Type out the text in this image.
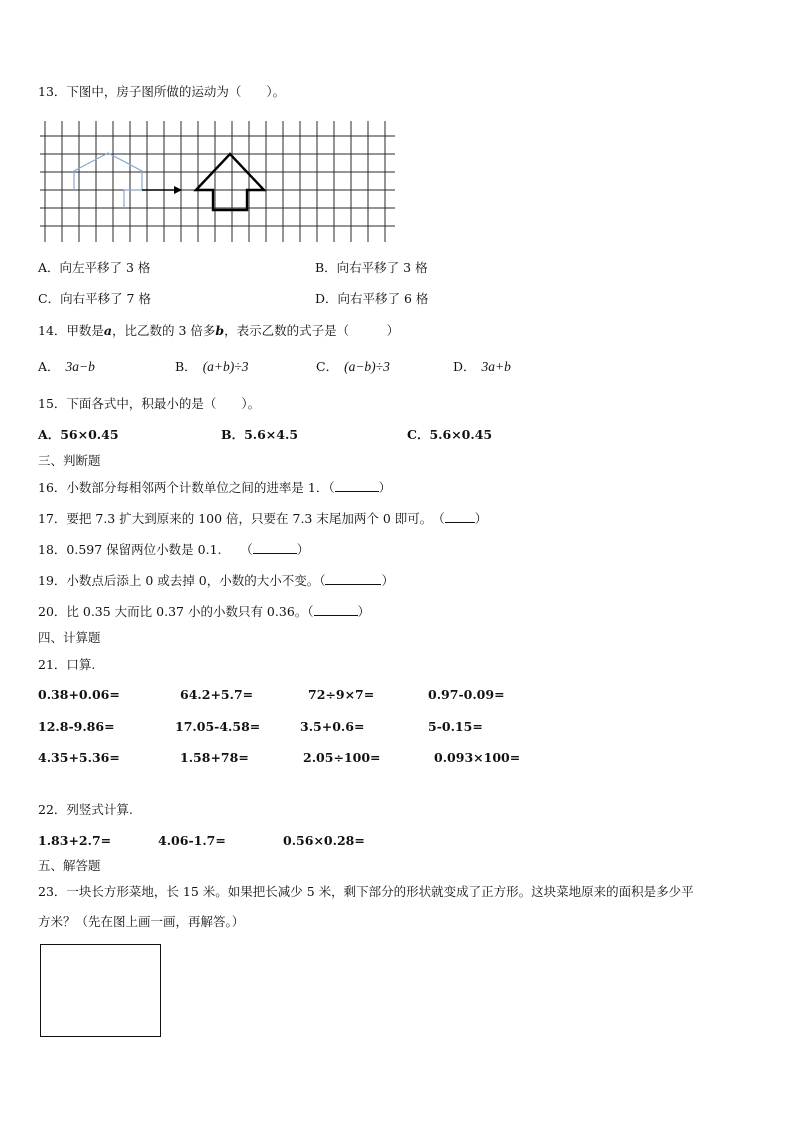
13．下图中，房子图所做的运动为（　　）。
A．向左平移了 3 格	B．向右平移了 3 格
C．向右平移了 7 格	D．向右平移了 6 格
14．甲数是a，比乙数的 3 倍多b，表示乙数的式子是（　　　）
A． 3a−b	B． (a+b)÷3	C． (a−b)÷3	D． 3a+b
15．下面各式中，积最小的是（　　）。
A．56×0.45	B．5.6×4.5	C．5.6×0.45
三、判断题
16．小数部分每相邻两个计数单位之间的进率是 1．（	）
17．要把 7.3 扩大到原来的 100 倍，只要在 7.3 末尾加两个 0 即可。　（ ）
18．0.597 保留两位小数是 0.1.　　（	）
19．小数点后添上 0 或去掉 0，小数的大小不变。（	）
20．比 0.35 大而比 0.37 小的小数只有 0.36。（	）
四、计算题
21．口算.
0.38+0.06=	64.2+5.7=	72÷9×7=	0.97-0.09=
12.8-9.86=	17.05-4.58=	3.5+0.6=	5-0.15=
4.35+5.36=	1.58+78=	2.05÷100=	0.093×100=
22．列竖式计算.
1.83+2.7=	4.06-1.7=	0.56×0.28=
五、解答题
23．一块长方形菜地，长 15 米。如果把长减少 5 米，剩下部分的形状就变成了正方形。这块菜地原来的面积是多少平
方米？（先在图上画一画，再解答。）
